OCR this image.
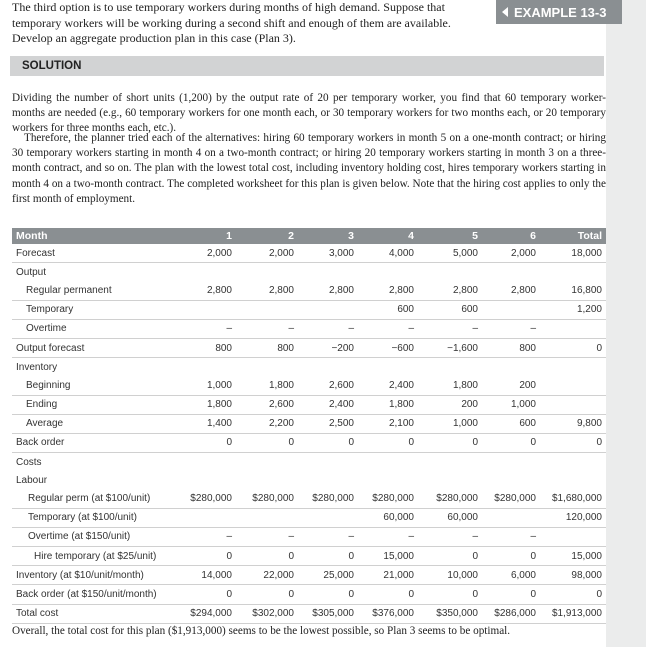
EXAMPLE 13-3

The third option is to use temporary workers during months of high demand. Suppose that temporary workers will be working during a second shift and enough of them are available. Develop an aggregate production plan in this case (Plan 3).

SOLUTION

Dividing the number of short units (1,200) by the output rate of 20 per temporary worker, you find that 60 temporary worker-months are needed (e.g., 60 temporary workers for one month each, or 30 temporary workers for two months each, or 20 temporary workers for three months each, etc.).

Therefore, the planner tried each of the alternatives: hiring 60 temporary workers in month 5 on a one-month contract; or hiring 30 temporary workers starting in month 4 on a two-month contract; or hiring 20 temporary workers starting in month 3 on a three-month contract, and so on. The plan with the lowest total cost, including inventory holding cost, hires temporary workers starting in month 4 on a two-month contract. The completed worksheet for this plan is given below. Note that the hiring cost applies to only the first month of employment.

Month	1	2	3	4	5	6	Total
Forecast	2,000	2,000	3,000	4,000	5,000	2,000	18,000
Output							
Regular permanent	2,800	2,800	2,800	2,800	2,800	2,800	16,800
Temporary				600	600		1,200
Overtime	–	–	–	–	–	–	
Output forecast	800	800	−200	−600	−1,600	800	0
Inventory							
Beginning	1,000	1,800	2,600	2,400	1,800	200	
Ending	1,800	2,600	2,400	1,800	200	1,000	
Average	1,400	2,200	2,500	2,100	1,000	600	9,800
Back order	0	0	0	0	0	0	0
Costs							
Labour							
Regular perm (at $100/unit)	$280,000	$280,000	$280,000	$280,000	$280,000	$280,000	$1,680,000
Temporary (at $100/unit)				60,000	60,000		120,000
Overtime (at $150/unit)	–	–	–	–	–	–	
Hire temporary (at $25/unit)	0	0	0	15,000	0	0	15,000
Inventory (at $10/unit/month)	14,000	22,000	25,000	21,000	10,000	6,000	98,000
Back order (at $150/unit/month)	0	0	0	0	0	0	0
Total cost	$294,000	$302,000	$305,000	$376,000	$350,000	$286,000	$1,913,000

Overall, the total cost for this plan ($1,913,000) seems to be the lowest possible, so Plan 3 seems to be optimal.
